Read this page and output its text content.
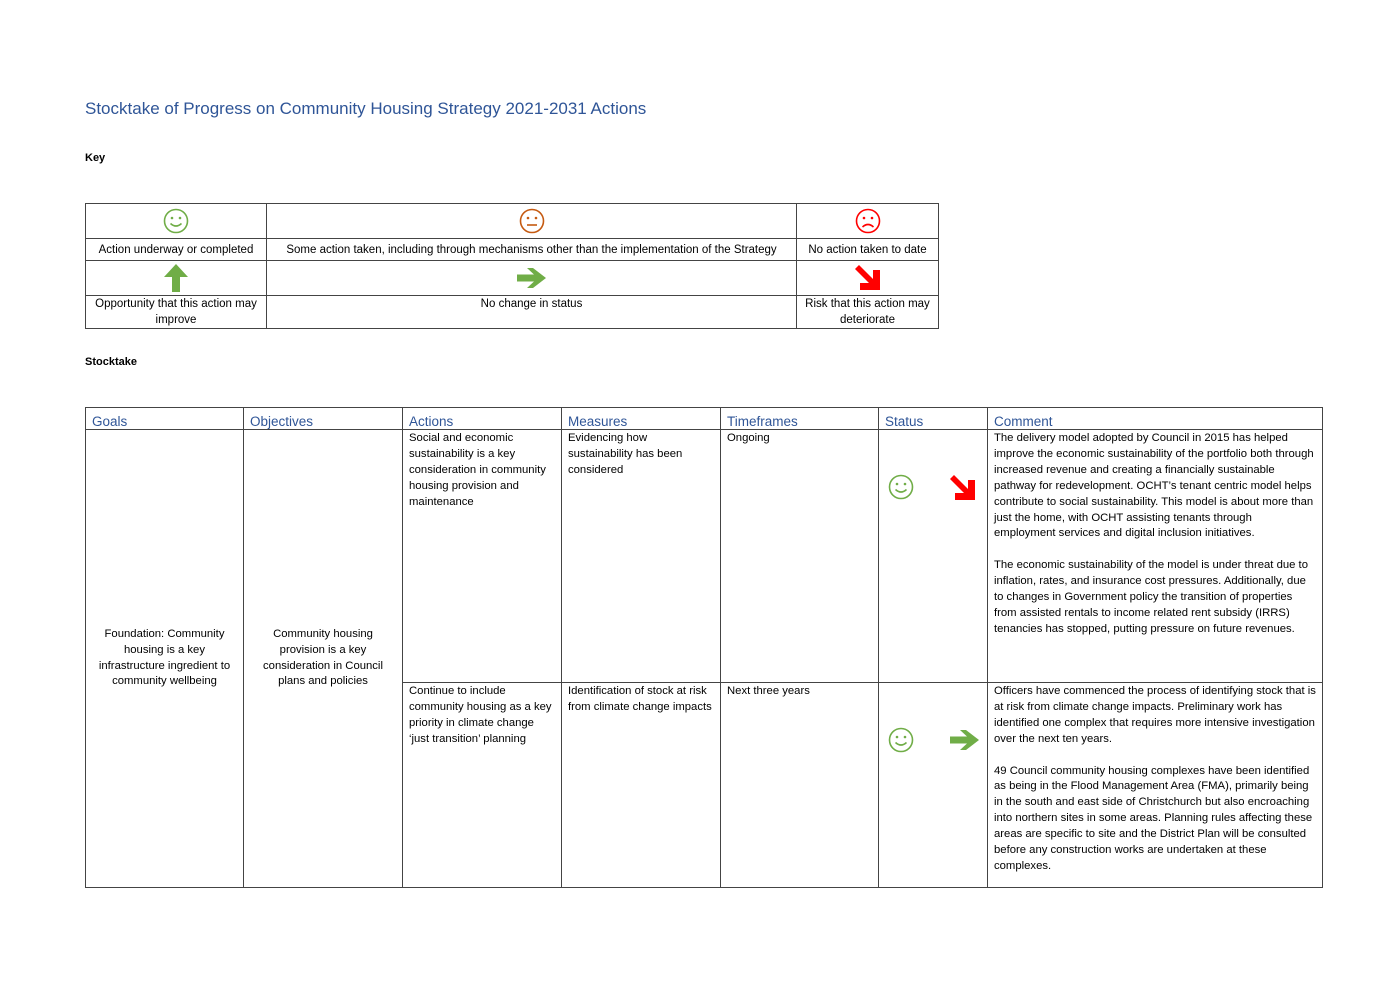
Stocktake of Progress on Community Housing Strategy 2021-2031 Actions
Key

Action underway or completed	Some action taken, including through mechanisms other than the implementation of the Strategy	No action taken to date

Opportunity that this action may improve	No change in status	Risk that this action may deteriorate
Stocktake
Goals	Objectives	Actions	Measures	Timeframes	Status	Comment
Foundation: Community housing is a key infrastructure ingredient to community wellbeing	Community housing provision is a key consideration in Council plans and policies	Social and economic sustainability is a key consideration in community housing provision and maintenance	Evidencing how sustainability has been considered	Ongoing		The delivery model adopted by Council in 2015 has helped improve the economic sustainability of the portfolio both through increased revenue and creating a financially sustainable pathway for redevelopment. OCHT’s tenant centric model helps contribute to social sustainability. This model is about more than just the home, with OCHT assisting tenants through employment services and digital inclusion initiatives.

The economic sustainability of the model is under threat due to inflation, rates, and insurance cost pressures. Additionally, due to changes in Government policy the transition of properties from assisted rentals to income related rent subsidy (IRRS) tenancies has stopped, putting pressure on future revenues.

		Continue to include community housing as a key priority in climate change ‘just transition’ planning	Identification of stock at risk from climate change impacts	Next three years		Officers have commenced the process of identifying stock that is at risk from climate change impacts. Preliminary work has identified one complex that requires more intensive investigation over the next ten years.

49 Council community housing complexes have been identified as being in the Flood Management Area (FMA), primarily being in the south and east side of Christchurch but also encroaching into northern sites in some areas. Planning rules affecting these areas are specific to site and the District Plan will be consulted before any construction works are undertaken at these complexes.
